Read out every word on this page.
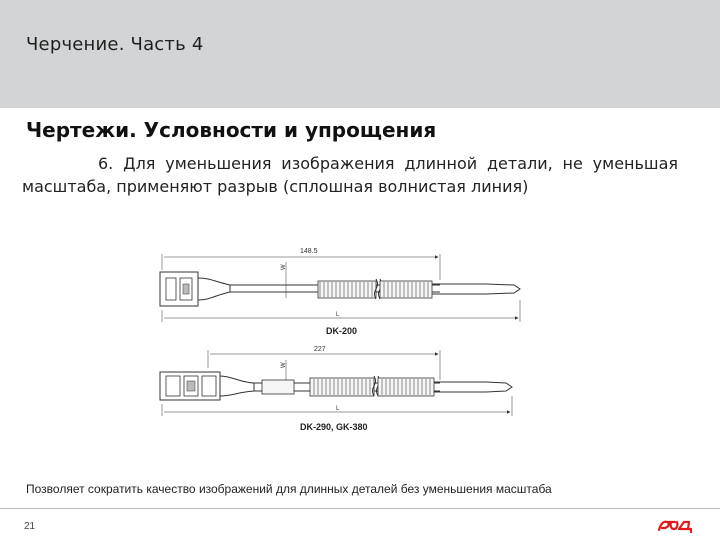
Черчение. Часть 4
Чертежи. Условности и упрощения
6. Для уменьшения изображения длинной детали, не уменьшая масштаба, применяют разрыв (сплошная волнистая линия)
148.5
W
L
DK-200
227
W
L
DK-290, GK-380
Позволяет сократить качество изображений для длинных деталей без уменьшения масштаба
21
